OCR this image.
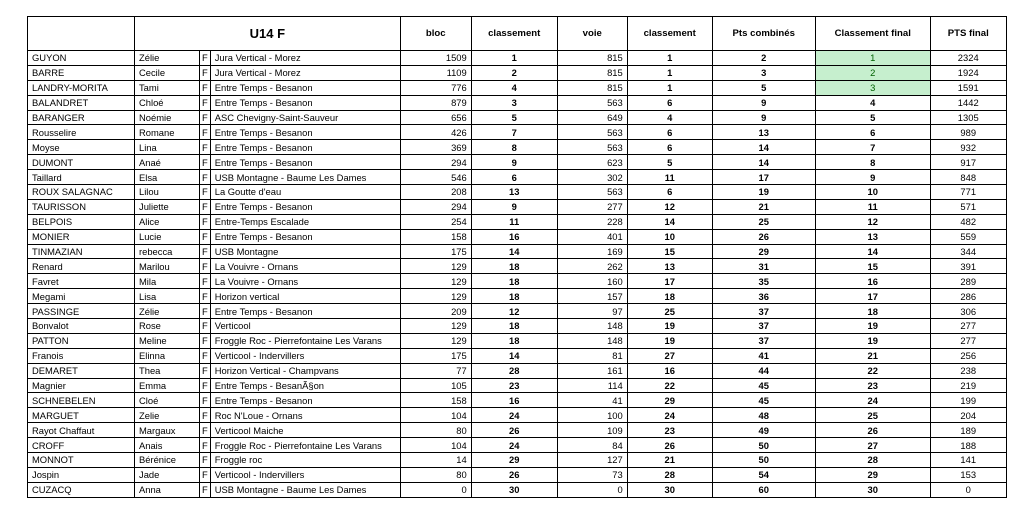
	U14 F			bloc	classement	voie	classement	Pts combinés	Classement final	PTS final
GUYON	Zélie	F	Jura Vertical - Morez	1509	1	815	1	2	1	2324
BARRE	Cecile	F	Jura Vertical - Morez	1109	2	815	1	3	2	1924
LANDRY-MORITA	Tami	F	Entre Temps - Besanon	776	4	815	1	5	3	1591
BALANDRET	Chloé	F	Entre Temps - Besanon	879	3	563	6	9	4	1442
BARANGER	Noémie	F	ASC Chevigny-Saint-Sauveur	656	5	649	4	9	5	1305
Rousselire	Romane	F	Entre Temps - Besanon	426	7	563	6	13	6	989
Moyse	Lina	F	Entre Temps - Besanon	369	8	563	6	14	7	932
DUMONT	Anaé	F	Entre Temps - Besanon	294	9	623	5	14	8	917
Taillard	Elsa	F	USB Montagne - Baume Les Dames	546	6	302	11	17	9	848
ROUX SALAGNAC	Lilou	F	La Goutte d'eau	208	13	563	6	19	10	771
TAURISSON	Juliette	F	Entre Temps - Besanon	294	9	277	12	21	11	571
BELPOIS	Alice	F	Entre-Temps Escalade	254	11	228	14	25	12	482
MONIER	Lucie	F	Entre Temps - Besanon	158	16	401	10	26	13	559
TINMAZIAN	rebecca	F	USB Montagne	175	14	169	15	29	14	344
Renard	Marilou	F	La Vouivre - Ornans	129	18	262	13	31	15	391
Favret	Mila	F	La Vouivre - Ornans	129	18	160	17	35	16	289
Megami	Lisa	F	Horizon vertical	129	18	157	18	36	17	286
PASSINGE	Zélie	F	Entre Temps - Besanon	209	12	97	25	37	18	306
Bonvalot	Rose	F	Verticool	129	18	148	19	37	19	277
PATTON	Meline	F	Froggle Roc - Pierrefontaine Les Varans	129	18	148	19	37	19	277
Franois	Elinna	F	Verticool - Indervillers	175	14	81	27	41	21	256
DEMARET	Thea	F	Horizon Vertical - Champvans	77	28	161	16	44	22	238
Magnier	Emma	F	Entre Temps - BesanÃ§on	105	23	114	22	45	23	219
SCHNEBELEN	Cloé	F	Entre Temps - Besanon	158	16	41	29	45	24	199
MARGUET	Zelie	F	Roc N'Loue - Ornans	104	24	100	24	48	25	204
Rayot Chaffaut	Margaux	F	Verticool Maiche	80	26	109	23	49	26	189
CROFF	Anais	F	Froggle Roc - Pierrefontaine Les Varans	104	24	84	26	50	27	188
MONNOT	Bérénice	F	Froggle roc	14	29	127	21	50	28	141
Jospin	Jade	F	Verticool - Indervillers	80	26	73	28	54	29	153
CUZACQ	Anna	F	USB Montagne - Baume Les Dames	0	30	0	30	60	30	0
